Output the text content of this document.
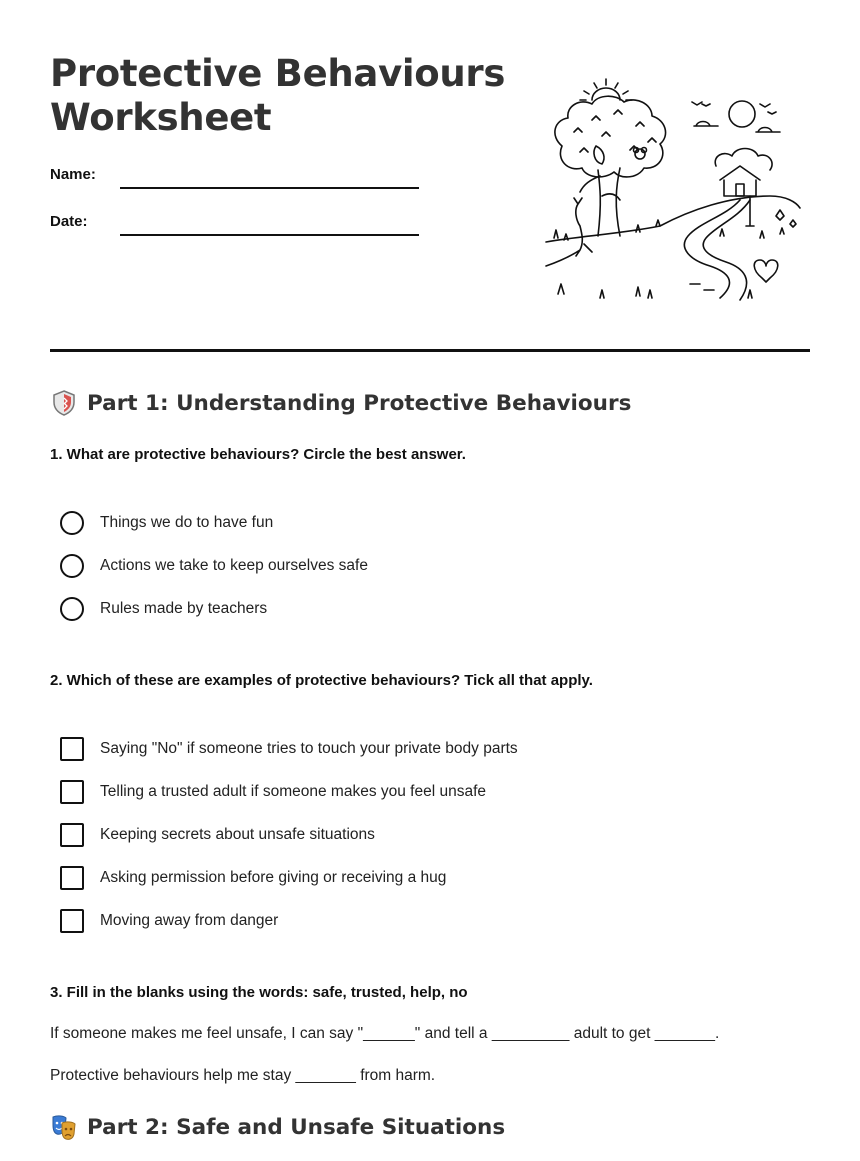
Protective Behaviours
Worksheet
Name:
Date:
Part 1: Understanding Protective Behaviours
1. What are protective behaviours? Circle the best answer.
Things we do to have fun
Actions we take to keep ourselves safe
Rules made by teachers
2. Which of these are examples of protective behaviours? Tick all that apply.
Saying "No" if someone tries to touch your private body parts
Telling a trusted adult if someone makes you feel unsafe
Keeping secrets about unsafe situations
Asking permission before giving or receiving a hug
Moving away from danger
3. Fill in the blanks using the words: safe, trusted, help, no
If someone makes me feel unsafe, I can say "______" and tell a _________ adult to get _______.
Protective behaviours help me stay _______ from harm.
Part 2: Safe and Unsafe Situations
